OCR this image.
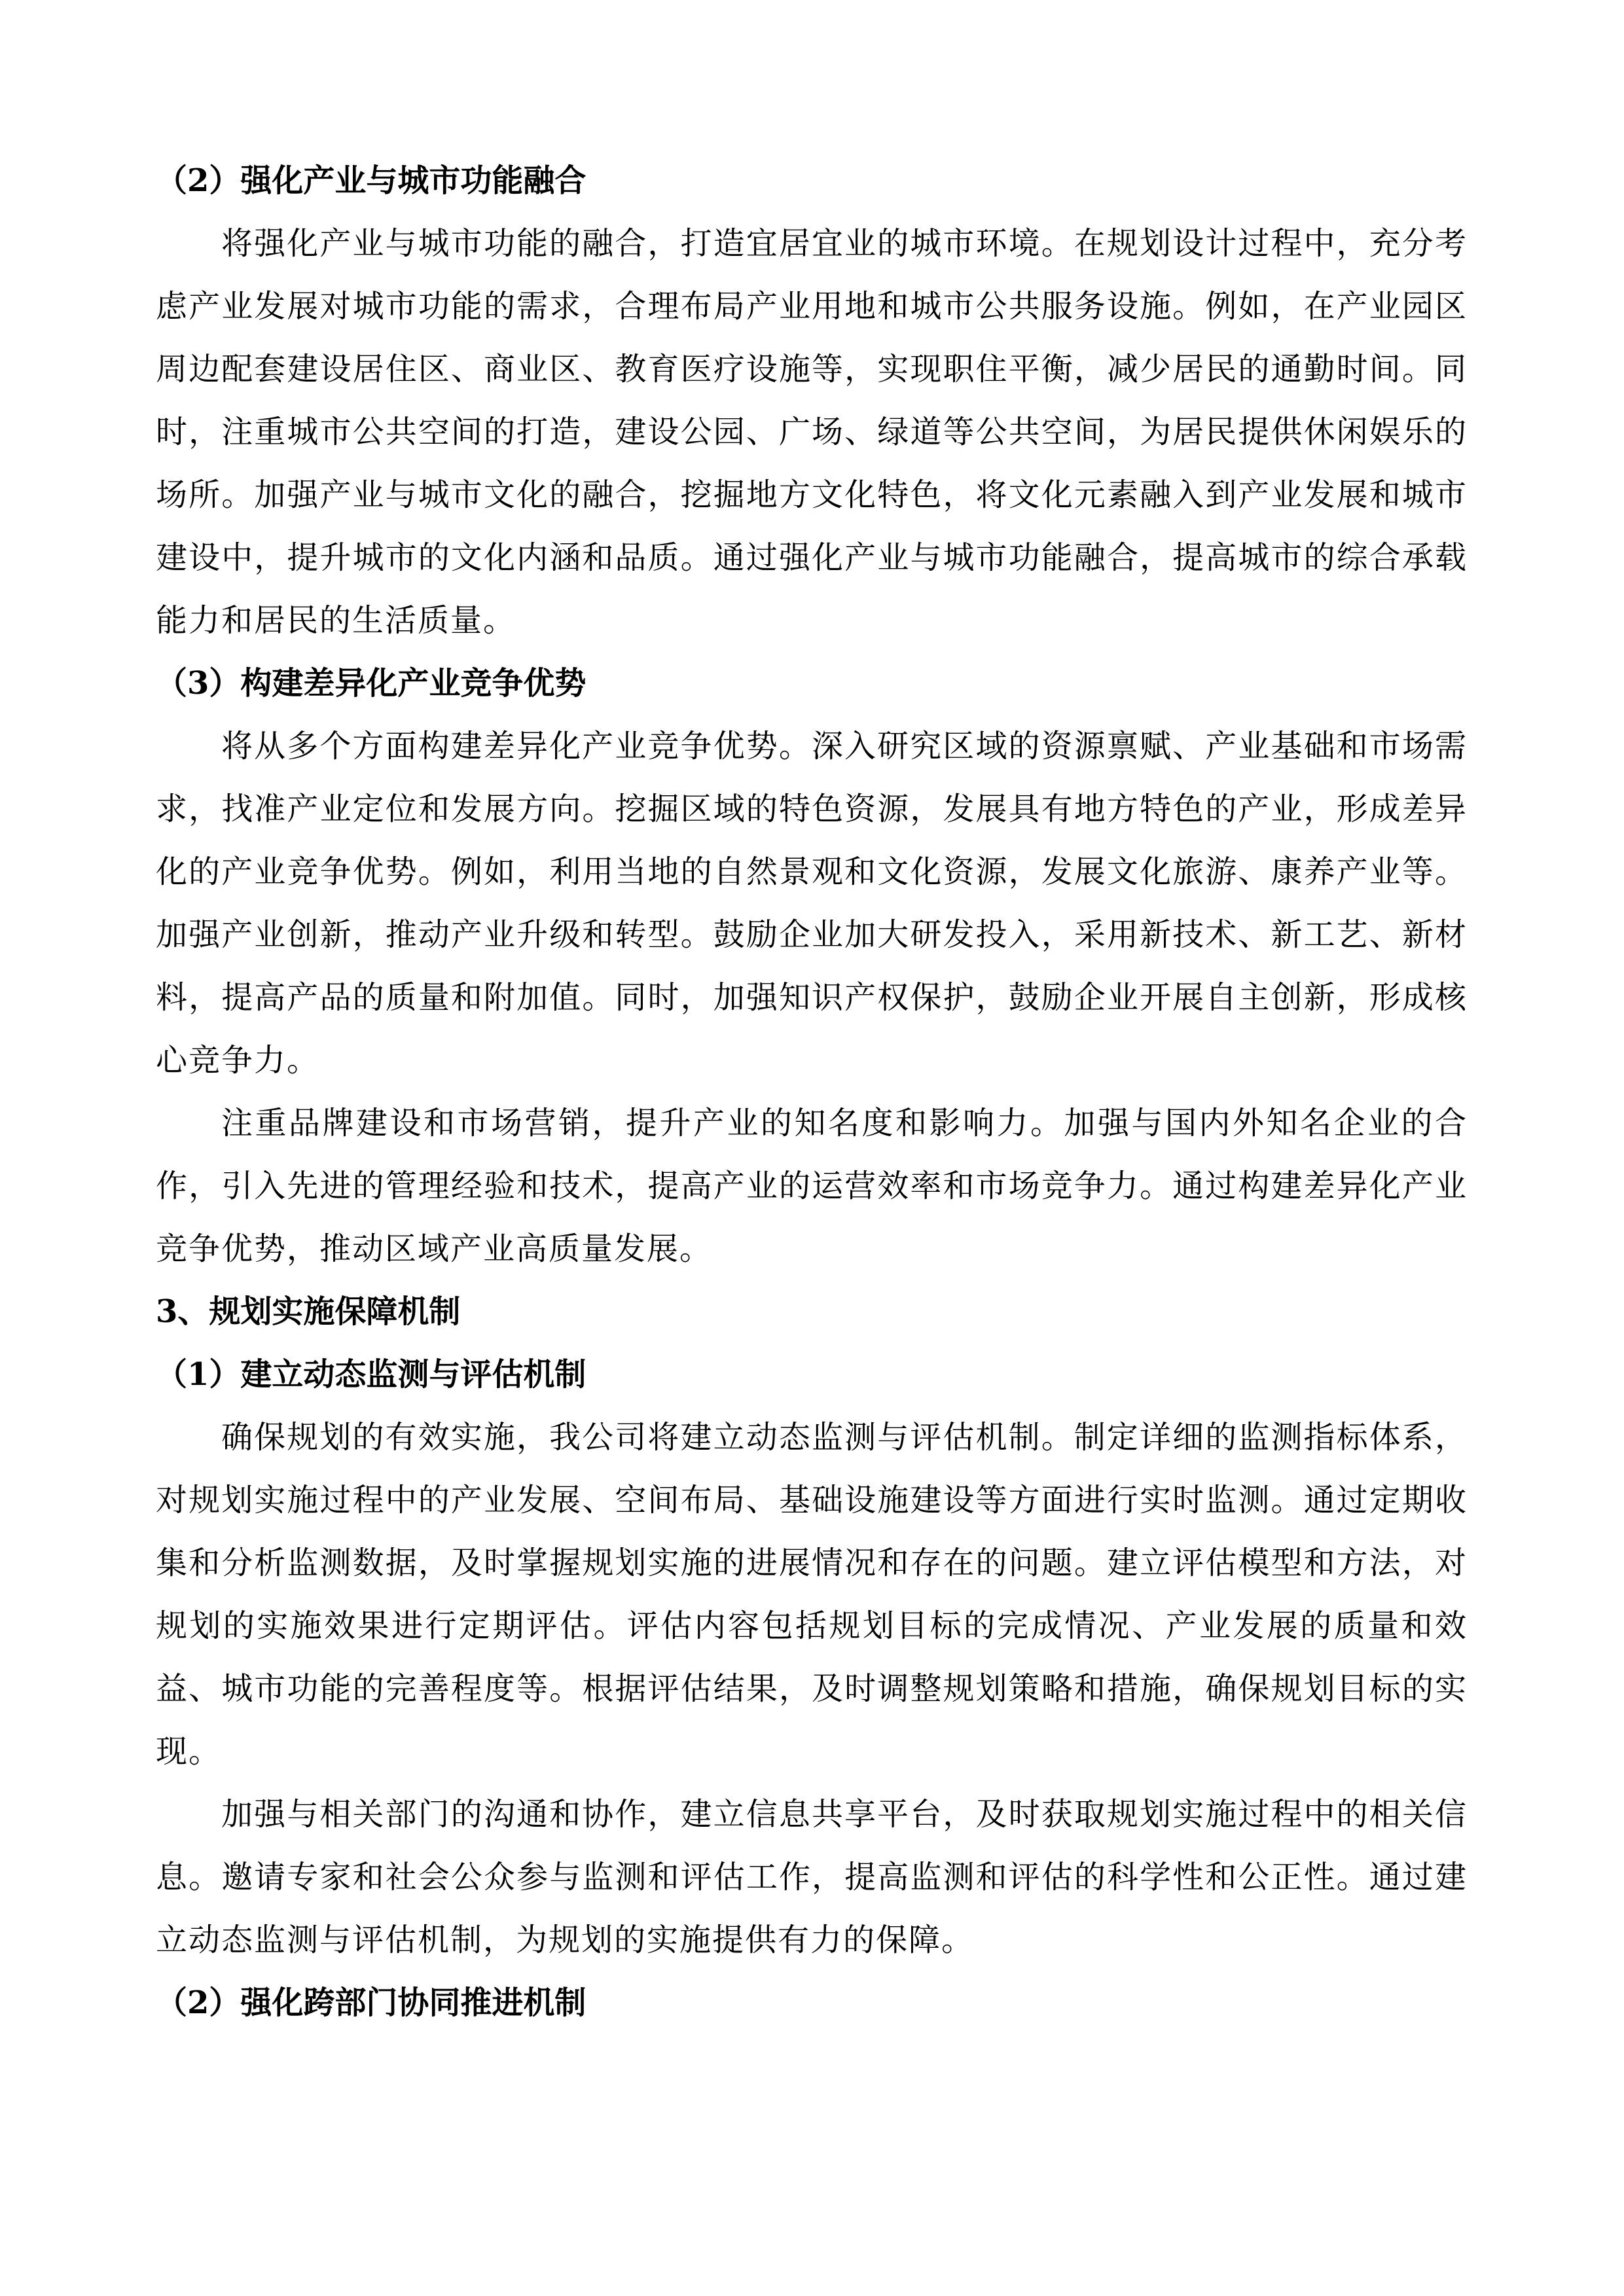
（2）强化产业与城市功能融合

将强化产业与城市功能的融合，打造宜居宜业的城市环境。在规划设计过程中，充分考虑产业发展对城市功能的需求，合理布局产业用地和城市公共服务设施。例如，在产业园区周边配套建设居住区、商业区、教育医疗设施等，实现职住平衡，减少居民的通勤时间。同时，注重城市公共空间的打造，建设公园、广场、绿道等公共空间，为居民提供休闲娱乐的场所。加强产业与城市文化的融合，挖掘地方文化特色，将文化元素融入到产业发展和城市建设中，提升城市的文化内涵和品质。通过强化产业与城市功能融合，提高城市的综合承载能力和居民的生活质量。

（3）构建差异化产业竞争优势

将从多个方面构建差异化产业竞争优势。深入研究区域的资源禀赋、产业基础和市场需求，找准产业定位和发展方向。挖掘区域的特色资源，发展具有地方特色的产业，形成差异化的产业竞争优势。例如，利用当地的自然景观和文化资源，发展文化旅游、康养产业等。加强产业创新，推动产业升级和转型。鼓励企业加大研发投入，采用新技术、新工艺、新材料，提高产品的质量和附加值。同时，加强知识产权保护，鼓励企业开展自主创新，形成核心竞争力。

注重品牌建设和市场营销，提升产业的知名度和影响力。加强与国内外知名企业的合作，引入先进的管理经验和技术，提高产业的运营效率和市场竞争力。通过构建差异化产业竞争优势，推动区域产业高质量发展。

3、规划实施保障机制
（1）建立动态监测与评估机制

确保规划的有效实施，我公司将建立动态监测与评估机制。制定详细的监测指标体系，对规划实施过程中的产业发展、空间布局、基础设施建设等方面进行实时监测。通过定期收集和分析监测数据，及时掌握规划实施的进展情况和存在的问题。建立评估模型和方法，对规划的实施效果进行定期评估。评估内容包括规划目标的完成情况、产业发展的质量和效益、城市功能的完善程度等。根据评估结果，及时调整规划策略和措施，确保规划目标的实现。

加强与相关部门的沟通和协作，建立信息共享平台，及时获取规划实施过程中的相关信息。邀请专家和社会公众参与监测和评估工作，提高监测和评估的科学性和公正性。通过建立动态监测与评估机制，为规划的实施提供有力的保障。

（2）强化跨部门协同推进机制
